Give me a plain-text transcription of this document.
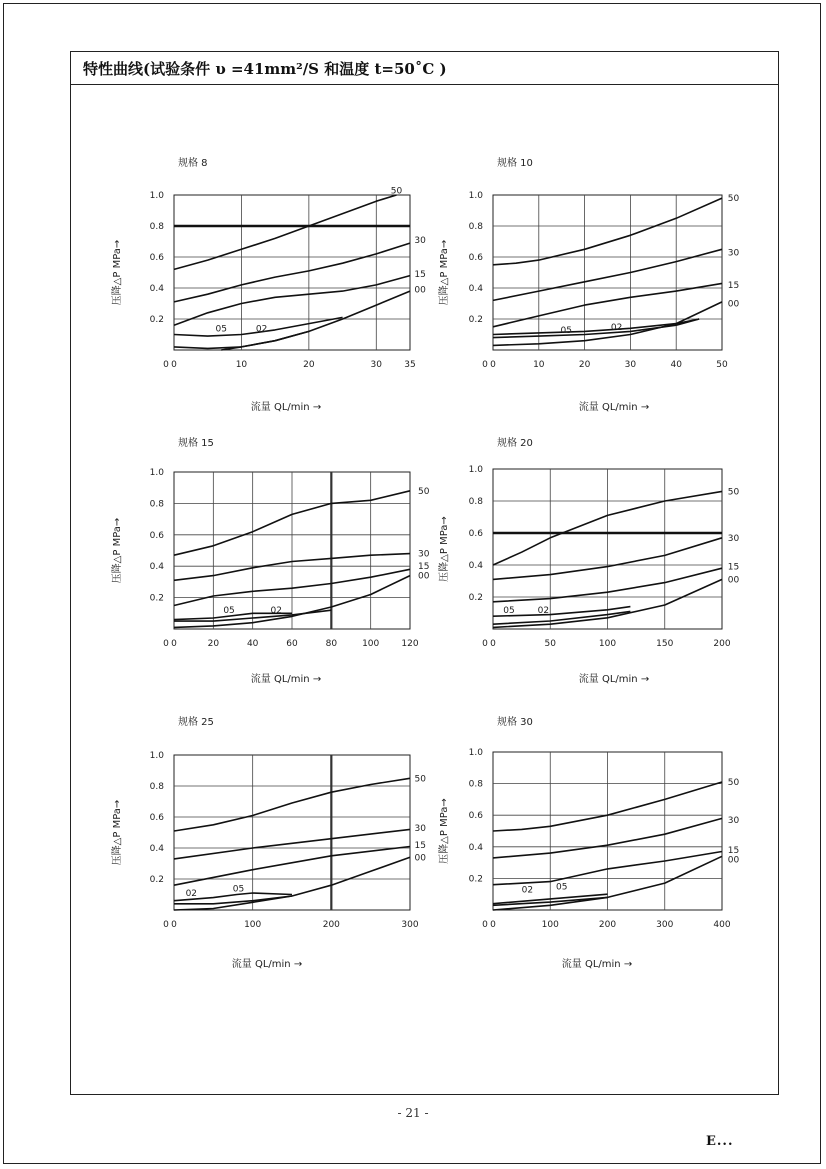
特性曲线(试验条件 υ =41mm²/S 和温度 t=50˚C )
0	10	20	30 35
0.2
0.4
0.6
0.8
1.0
0
50
30
15
00
05	02
规格 8
流量 QL/min →
压降△P MPa→
0	10	20	30	40	50
0.2
0.4
0.6
0.8
1.0
0
50
30
15
00
05	02
规格 10
流量 QL/min →
压降△P MPa→
0	20	40	60	80	100 120
0.2
0.4
0.6
0.8
1.0
0
50
30
15
00
05	02
规格 15
流量 QL/min →
压降△P MPa→
0	50	100	150	200
0.2
0.4
0.6
0.8
1.0
0
50
30
15
00
05	02
规格 20
流量 QL/min →
压降△P MPa→
0	100	200	300
0.2
0.4
0.6
0.8
1.0
0
50
30
15
00
02	05
规格 25
流量 QL/min →
压降△P MPa→
0	100	200	300	400
0.2
0.4
0.6
0.8
1.0
0
50
30
15
00
02	05
规格 30
流量 QL/min →
压降△P MPa→
- 21 -
E...
